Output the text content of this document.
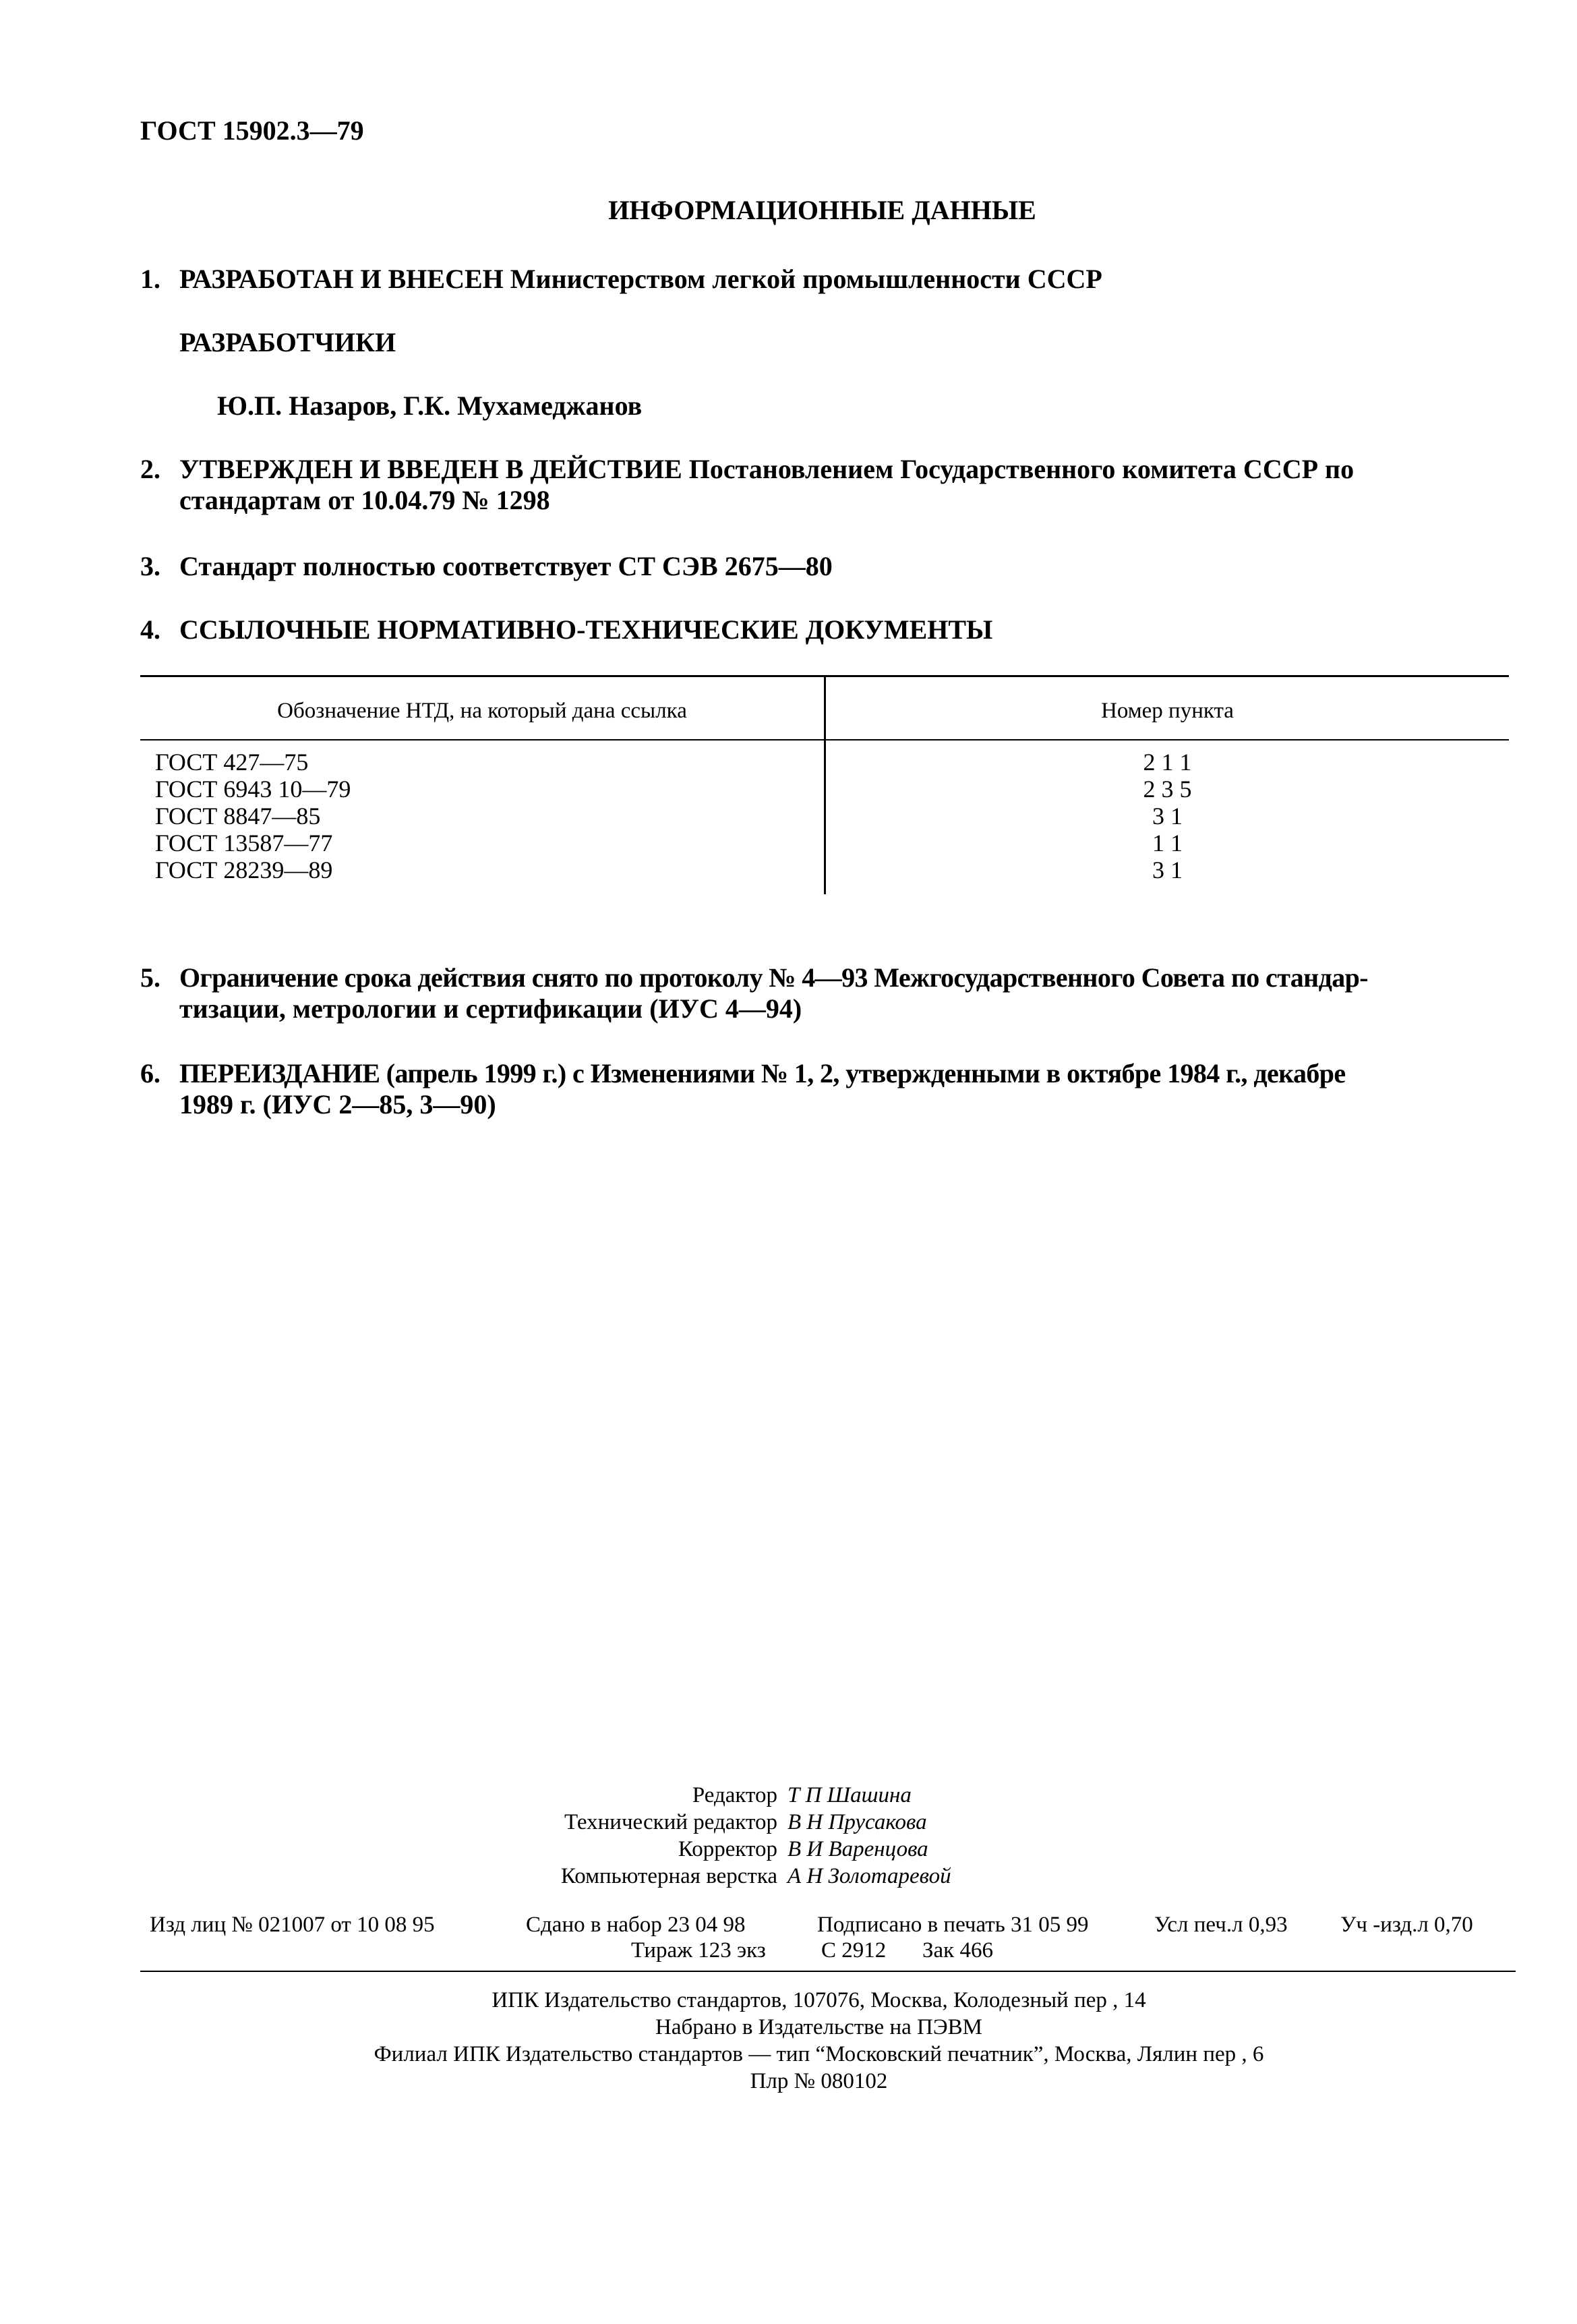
ГОСТ 15902.3—79
ИНФОРМАЦИОННЫЕ ДАННЫЕ
1. РАЗРАБОТАН И ВНЕСЕН Министерством легкой промышленности СССР
РАЗРАБОТЧИКИ
Ю.П. Назаров, Г.К. Мухамеджанов
2. УТВЕРЖДЕН И ВВЕДЕН В ДЕЙСТВИЕ Постановлением Государственного комитета СССР по
стандартам от 10.04.79 № 1298
3. Стандарт полностью соответствует СТ СЭВ 2675—80
4. ССЫЛОЧНЫЕ НОРМАТИВНО-ТЕХНИЧЕСКИЕ ДОКУМЕНТЫ
Обозначение НТД, на который дана ссылка	Номер пункта
ГОСТ 427—75	2 1 1
ГОСТ 6943 10—79	2 3 5
ГОСТ 8847—85	3 1
ГОСТ 13587—77	1 1
ГОСТ 28239—89	3 1
5. Ограничение срока действия снято по протоколу № 4—93 Межгосударственного Совета по стандар-
тизации, метрологии и сертификации (ИУС 4—94)
6. ПЕРЕИЗДАНИЕ (апрель 1999 г.) с Изменениями № 1, 2, утвержденными в октябре 1984 г., декабре
1989 г. (ИУС 2—85, 3—90)
Редактор Т П Шашина
Технический редактор В Н Прусакова
Корректор В И Варенцова
Компьютерная верстка А Н Золотаревой
Изд лиц № 021007 от 10 08 95	Сдано в набор 23 04 98	Подписано в печать 31 05 99	Усл печ.л 0,93 Уч -изд.л 0,70
Тираж 123 экз С 2912 Зак 466
ИПК Издательство стандартов, 107076, Москва, Колодезный пер , 14
Набрано в Издательстве на ПЭВМ
Филиал ИПК Издательство стандартов — тип “Московский печатник”, Москва, Лялин пер , 6
Плр № 080102
